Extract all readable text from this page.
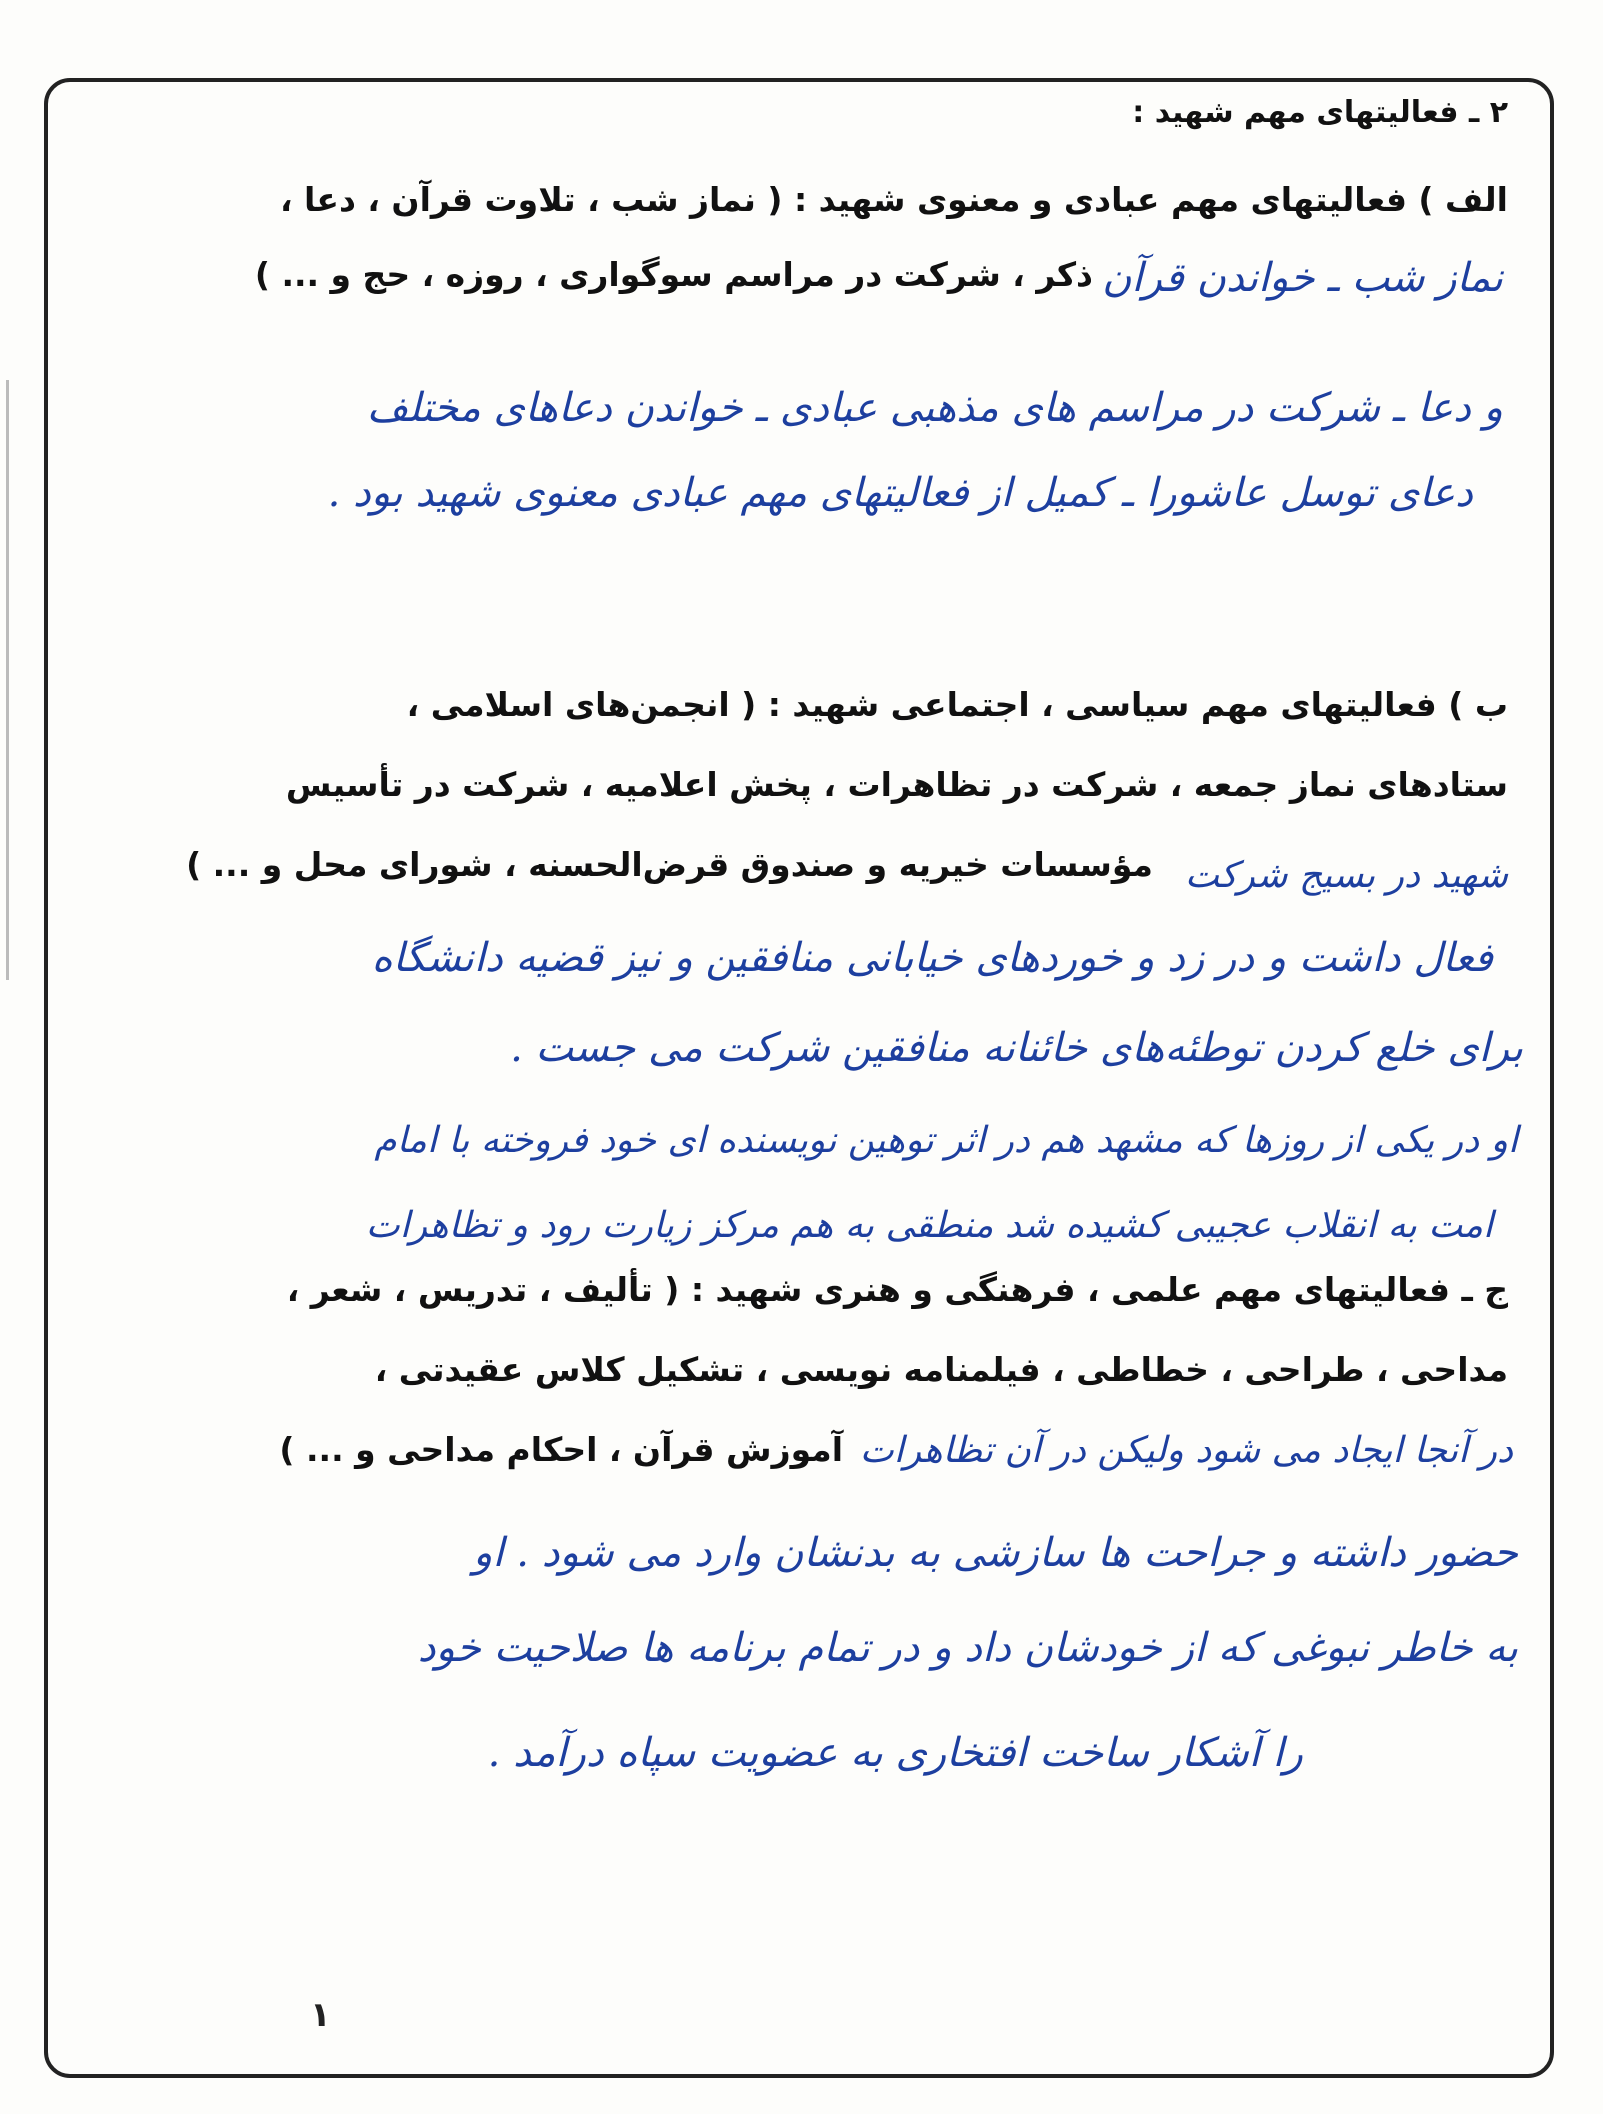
۲ ـ فعالیتهای مهم شهید :
الف ) فعالیتهای مهم عبادی و معنوی شهید : ( نماز شب ، تلاوت قرآن ، دعا ،
ذکر ، شرکت در مراسم سوگواری ، روزه ، حج و ... ) نماز شب ـ خواندن قرآن
و دعا ـ شرکت در مراسم های مذهبی عبادی ـ خواندن دعاهای مختلف
دعای توسل عاشورا ـ کمیل از فعالیتهای مهم عبادی معنوی شهید بود .
ب ) فعالیتهای مهم سیاسی ، اجتماعی شهید : ( انجمن‌های اسلامی ،
ستادهای نماز جمعه ، شرکت در تظاهرات ، پخش اعلامیه ، شرکت در تأسیس
مؤسسات خیریه و صندوق قرض‌الحسنه ، شورای محل و ... ) شهید در بسیج شرکت
فعال داشت و در زد و خوردهای خیابانی منافقین و نیز قضیه دانشگاه
برای خلع کردن توطئه‌های خائنانه منافقین شرکت می جست .
او در یکی از روزها که مشهد هم در اثر توهین نویسنده ای خود فروخته با امام
امت به انقلاب عجیبی کشیده شد منطقی به هم مرکز زیارت رود و تظاهرات
ج ـ فعالیتهای مهم علمی ، فرهنگی و هنری شهید : ( تألیف ، تدریس ، شعر ،
مداحی ، طراحی ، خطاطی ، فیلمنامه نویسی ، تشکیل کلاس عقیدتی ،
آموزش قرآن ، احکام مداحی و ... ) در آنجا ایجاد می شود ولیکن در آن تظاهرات
حضور داشته و جراحت ها سازشی به بدنشان وارد می شود . او
به خاطر نبوغی که از خودشان داد و در تمام برنامه ها صلاحیت خود
را آشکار ساخت افتخاری به عضویت سپاه درآمد .
۱
